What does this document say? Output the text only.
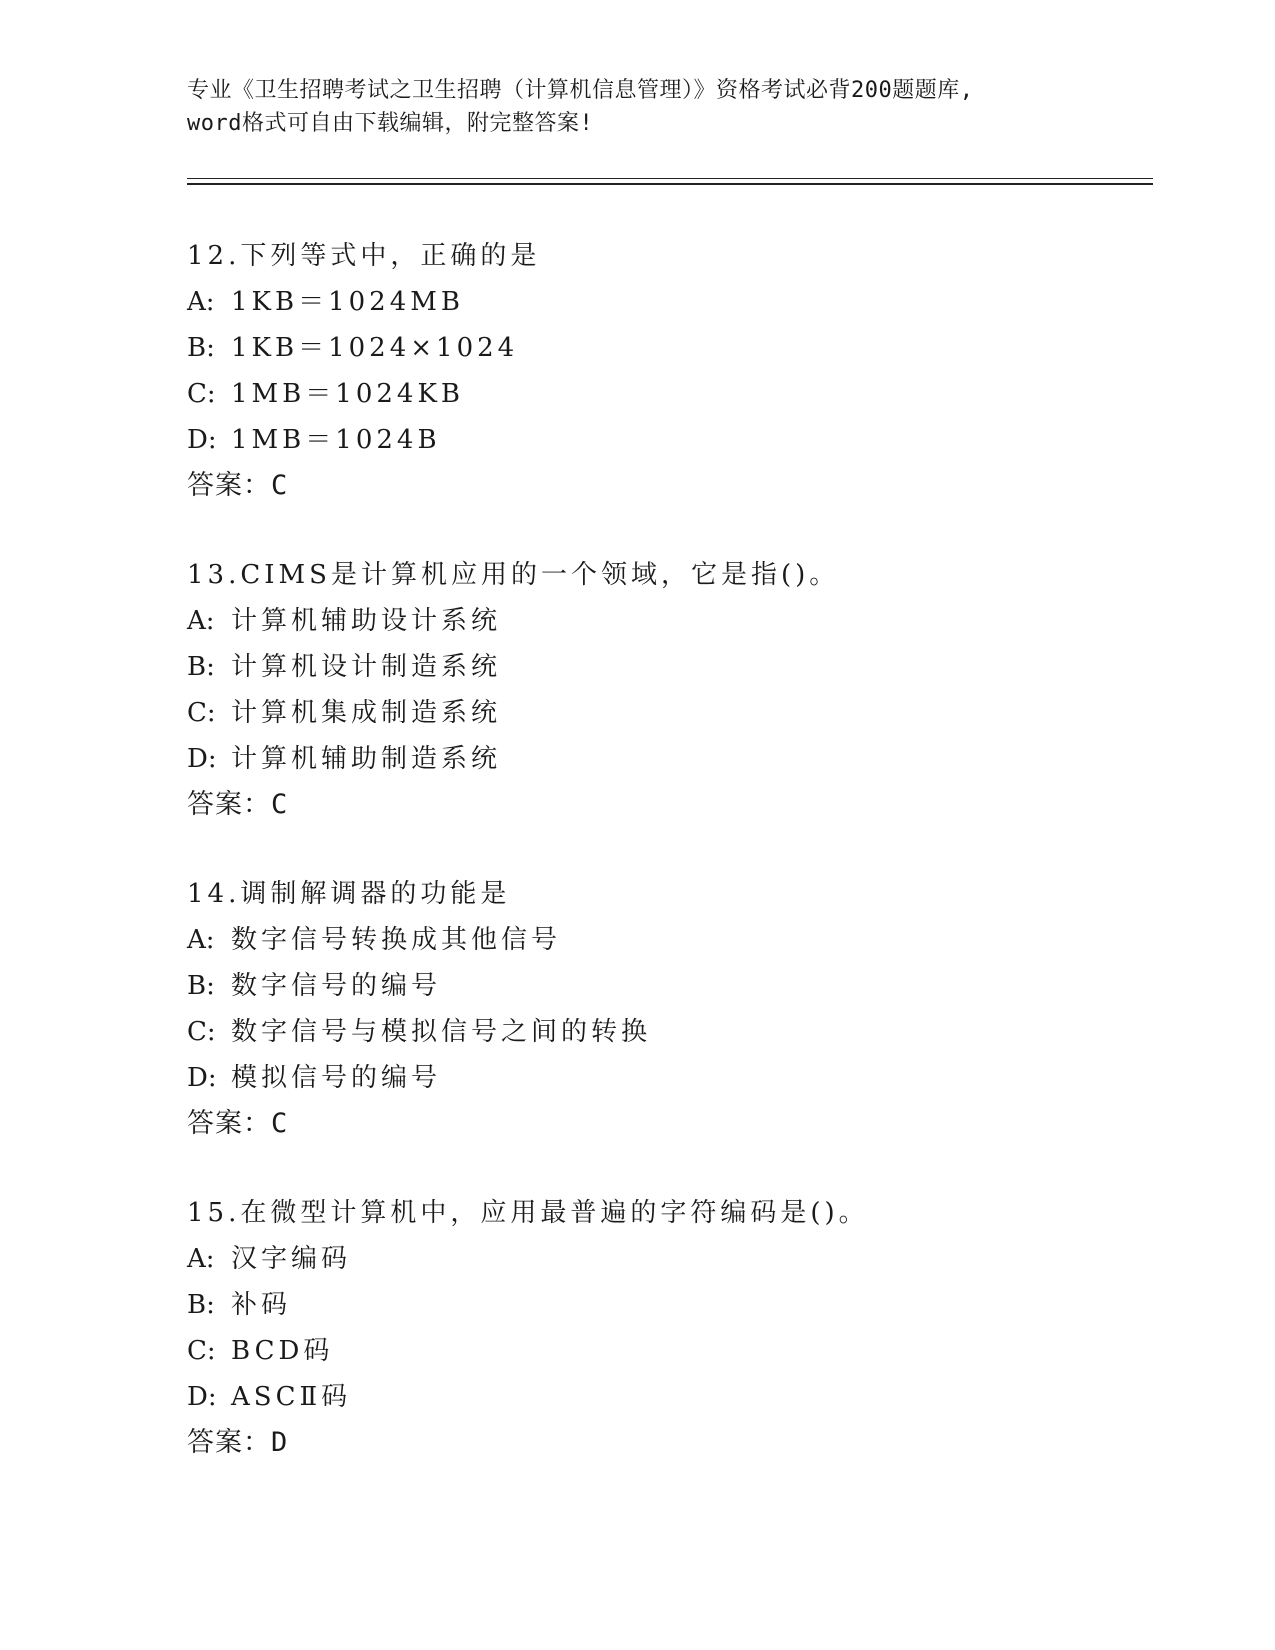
专业《卫生招聘考试之卫生招聘（计算机信息管理）》资格考试必背200题题库,
word格式可自由下载编辑，附完整答案!
12.下列等式中，正确的是
A: 1KB＝1024MB
B: 1KB＝1024×1024
C: 1MB＝1024KB
D: 1MB＝1024B
答案：C
13.CIMS是计算机应用的一个领域，它是指()。
A: 计算机辅助设计系统
B: 计算机设计制造系统
C: 计算机集成制造系统
D: 计算机辅助制造系统
答案：C
14.调制解调器的功能是
A: 数字信号转换成其他信号
B: 数字信号的编号
C: 数字信号与模拟信号之间的转换
D: 模拟信号的编号
答案：C
15.在微型计算机中，应用最普遍的字符编码是()。
A: 汉字编码
B: 补码
C: BCD码
D: ASCⅡ码
答案：D
